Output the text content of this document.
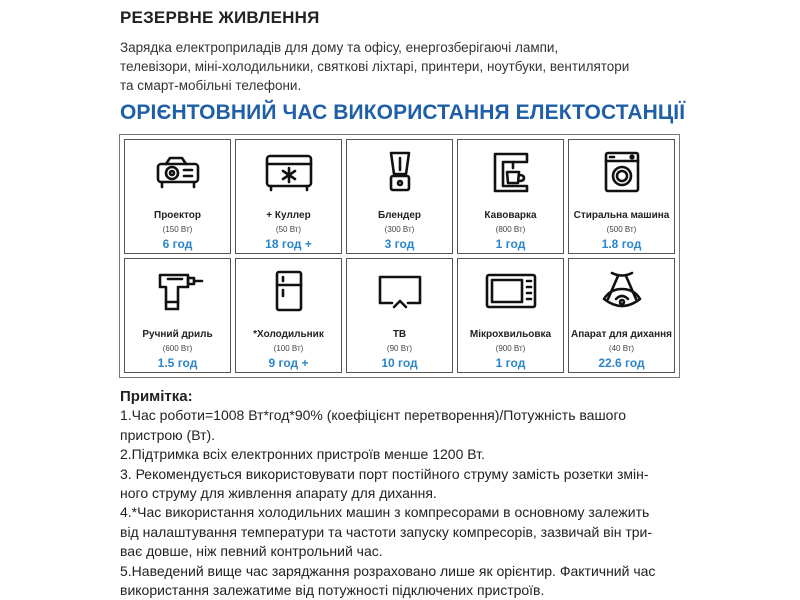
РЕЗЕРВНЕ ЖИВЛЕННЯ
Зарядка електроприладів для дому та офісу, енергозберігаючі лампи,
телевізори, міні-холодильники, святкові ліхтарі, принтери, ноутбуки, вентилятори
та смарт-мобільні телефони.
ОРІЄНТОВНИЙ ЧАС ВИКОРИСТАННЯ ЕЛЕКТОСТАНЦІЇ
Проектор
(150 Вт)
6 год
+ Куллер
(50 Вт)
18 год +
Блендер
(300 Вт)
3 год
Кавоварка
(800 Вт)
1 год
Стиральна машина
(500 Вт)
1.8 год
Ручний дриль
(600 Вт)
1.5 год
*Холодильник
(100 Вт)
9 год +
ТВ
(90 Вт)
10 год
Мікрохвильовка
(900 Вт)
1 год
Апарат для дихання
(40 Вт)
22.6 год
Примітка:
1.Час роботи=1008 Вт*год*90% (коефіцієнт перетворення)/Потужність вашого
пристрою (Вт).
2.Підтримка всіх електронних пристроїв менше 1200 Вт.
3. Рекомендується використовувати порт постійного струму замість розетки змін-
ного струму для живлення апарату для дихання.
4.*Час використання холодильних машин з компресорами в основному залежить
від налаштування температури та частоти запуску компресорів, зазвичай він три-
ває довше, ніж певний контрольний час.
5.Наведений вище час заряджання розраховано лише як орієнтир. Фактичний час
використання залежатиме від потужності підключених пристроїв.
